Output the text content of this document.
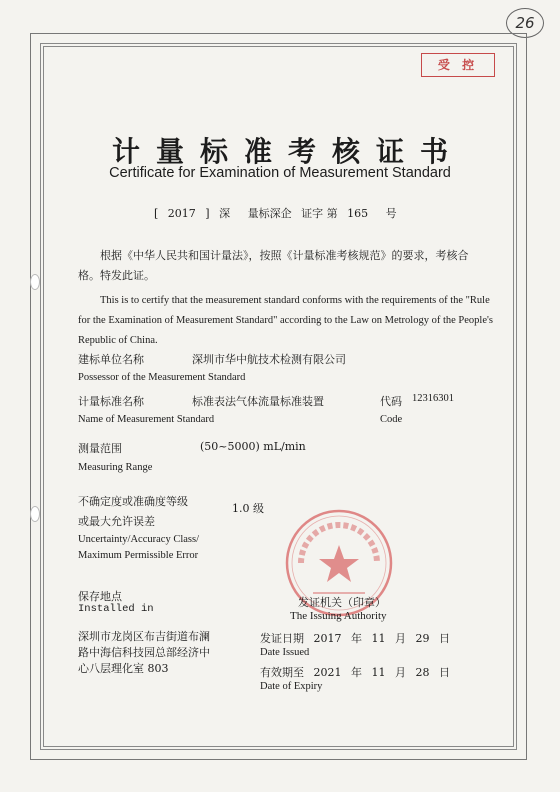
26
受 控
计量标准考核证书
Certificate for Examination of Measurement Standard
[ 2017 ] 深 量标深企 证字 第 165 号
根据《中华人民共和国计量法》，按照《计量标准考核规范》的要求，考核合格。特发此证。
This is to certify that the measurement standard conforms with the requirements of the "Rule for the Examination of Measurement Standard" according to the Law on Metrology of the People's Republic of China.
建标单位名称	深圳市华中航技术检测有限公司
Possessor of the Measurement Standard
计量标准名称	标准表法气体流量标准装置
Name of Measurement Standard
代码 12316301
Code
测量范围	(50~5000) mL/min
Measuring Range
不确定度或准确度等级
1.0 级
或最大允许误差
Uncertainty/Accuracy Class/
Maximum Permissible Error
保存地点
Installed in
深圳市龙岗区布吉街道布澜
路中海信科技园总部经济中
心八层理化室 803
发证机关（印章）
The Issuing Authority
发证日期 2017 年 11 月 29 日
Date Issued
有效期至 2021 年 11 月 28 日
Date of Expiry
